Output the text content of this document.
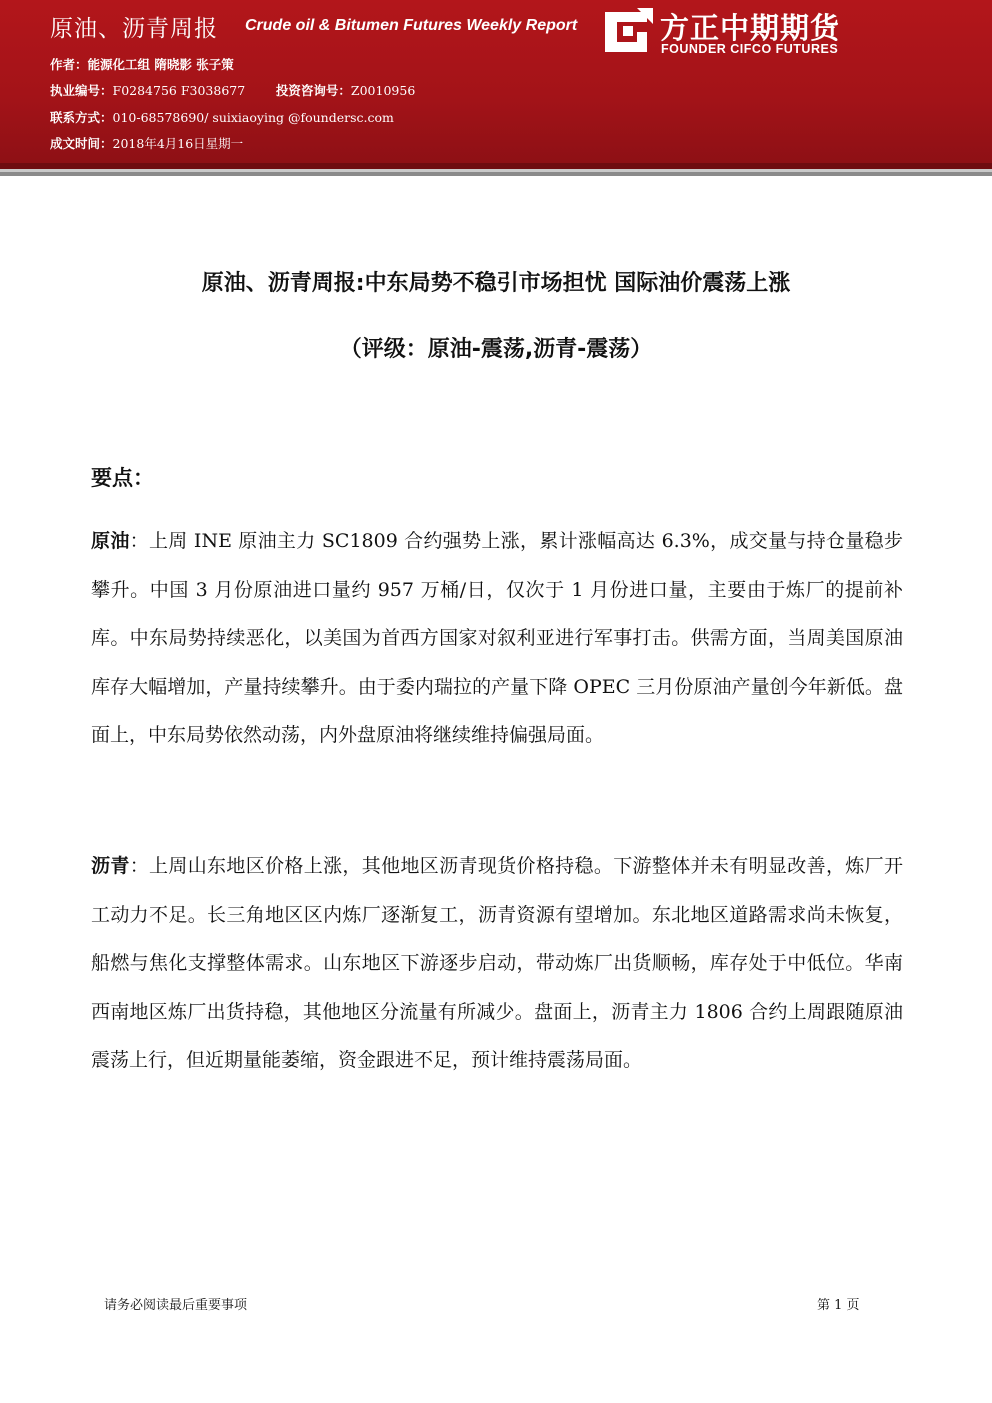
原油、沥青周报 Crude oil & Bitumen Futures Weekly Report
作者：能源化工组 隋晓影 张子策
执业编号：F0284756 F3038677 投资咨询号：Z0010956
联系方式：010-68578690/ suixiaoying @foundersc.com
成文时间：2018年4月16日星期一
方正中期期货
FOUNDER CIFCO FUTURES
原油、沥青周报:中东局势不稳引市场担忧 国际油价震荡上涨
（评级：原油-震荡,沥青-震荡）
要点：
原油：上周 INE 原油主力 SC1809 合约强势上涨，累计涨幅高达 6.3%，成交量与持仓量稳步攀升。中国 3 月份原油进口量约 957 万桶/日，仅次于 1 月份进口量，主要由于炼厂的提前补库。中东局势持续恶化，以美国为首西方国家对叙利亚进行军事打击。供需方面，当周美国原油库存大幅增加，产量持续攀升。由于委内瑞拉的产量下降 OPEC 三月份原油产量创今年新低。盘面上，中东局势依然动荡，内外盘原油将继续维持偏强局面。
沥青：上周山东地区价格上涨，其他地区沥青现货价格持稳。下游整体并未有明显改善，炼厂开工动力不足。长三角地区区内炼厂逐渐复工，沥青资源有望增加。东北地区道路需求尚未恢复，船燃与焦化支撑整体需求。山东地区下游逐步启动，带动炼厂出货顺畅，库存处于中低位。华南西南地区炼厂出货持稳，其他地区分流量有所减少。盘面上，沥青主力 1806 合约上周跟随原油震荡上行，但近期量能萎缩，资金跟进不足，预计维持震荡局面。
请务必阅读最后重要事项	第 1 页
